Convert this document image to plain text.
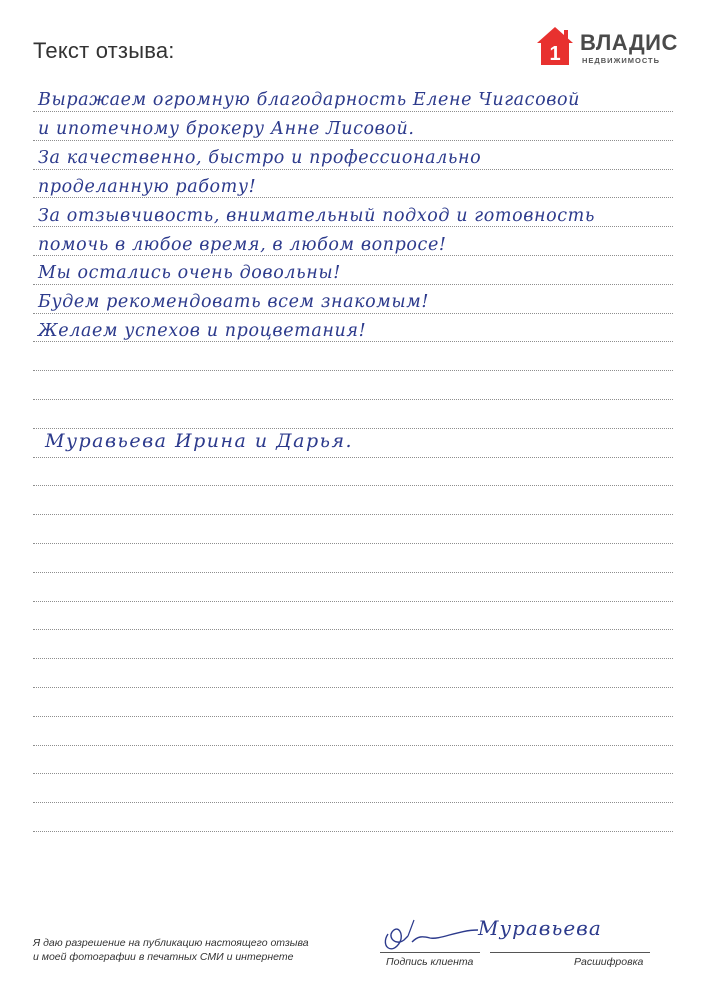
Текст отзыва:	1 ВЛАДИС
НЕДВИЖИМОСТЬ
Выражаем огромную благодарность Елене Чигасовой
и ипотечному брокеру Анне Лисовой.
За качественно, быстро и профессионально
проделанную работу!
За отзывчивость, внимательный подход и готовность
помочь в любое время, в любом вопросе!
Мы остались очень довольны!
Будем рекомендовать всем знакомым!
Желаем успехов и процветания!
Муравьева Ирина и Дарья.
Я даю разрешение на публикацию настоящего отзыва
и моей фотографии в печатных СМИ и интернете
Муравьева
Подпись клиента	Расшифровка
